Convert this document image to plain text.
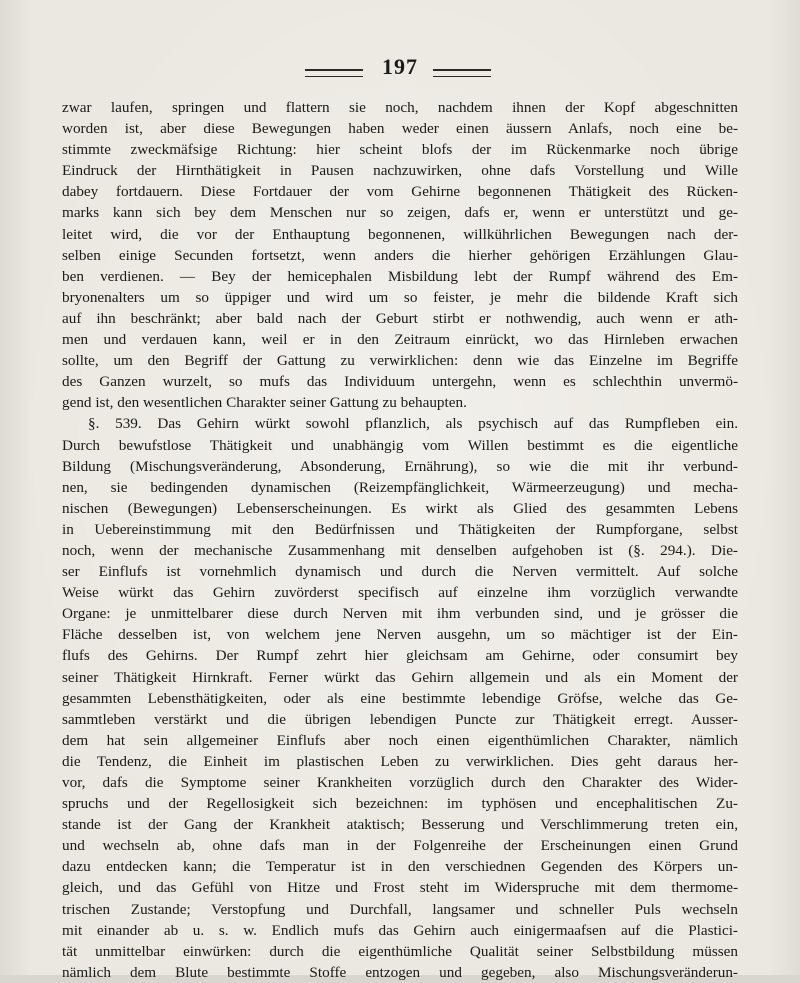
197
zwar laufen, springen und flattern sie noch, nachdem ihnen der Kopf abgeschnitten
worden ist, aber diese Bewegungen haben weder einen äussern Anlafs, noch eine be-
stimmte zweckmäfsige Richtung: hier scheint blofs der im Rückenmarke noch übrige
Eindruck der Hirnthätigkeit in Pausen nachzuwirken, ohne dafs Vorstellung und Wille
dabey fortdauern. Diese Fortdauer der vom Gehirne begonnenen Thätigkeit des Rücken-
marks kann sich bey dem Menschen nur so zeigen, dafs er, wenn er unterstützt und ge-
leitet wird, die vor der Enthauptung begonnenen, willkührlichen Bewegungen nach der-
selben einige Secunden fortsetzt, wenn anders die hierher gehörigen Erzählungen Glau-
ben verdienen. — Bey der hemicephalen Misbildung lebt der Rumpf während des Em-
bryonenalters um so üppiger und wird um so feister, je mehr die bildende Kraft sich
auf ihn beschränkt; aber bald nach der Geburt stirbt er nothwendig, auch wenn er ath-
men und verdauen kann, weil er in den Zeitraum einrückt, wo das Hirnleben erwachen
sollte, um den Begriff der Gattung zu verwirklichen: denn wie das Einzelne im Begriffe
des Ganzen wurzelt, so mufs das Individuum untergehn, wenn es schlechthin unvermö-
gend ist, den wesentlichen Charakter seiner Gattung zu behaupten.
§. 539. Das Gehirn würkt sowohl pflanzlich, als psychisch auf das Rumpfleben ein.
Durch bewufstlose Thätigkeit und unabhängig vom Willen bestimmt es die eigentliche
Bildung (Mischungsveränderung, Absonderung, Ernährung), so wie die mit ihr verbund-
nen, sie bedingenden dynamischen (Reizempfänglichkeit, Wärmeerzeugung) und mecha-
nischen (Bewegungen) Lebenserscheinungen. Es wirkt als Glied des gesammten Lebens
in Uebereinstimmung mit den Bedürfnissen und Thätigkeiten der Rumpforgane, selbst
noch, wenn der mechanische Zusammenhang mit denselben aufgehoben ist (§. 294.). Die-
ser Einflufs ist vornehmlich dynamisch und durch die Nerven vermittelt. Auf solche
Weise würkt das Gehirn zuvörderst specifisch auf einzelne ihm vorzüglich verwandte
Organe: je unmittelbarer diese durch Nerven mit ihm verbunden sind, und je grösser die
Fläche desselben ist, von welchem jene Nerven ausgehn, um so mächtiger ist der Ein-
flufs des Gehirns. Der Rumpf zehrt hier gleichsam am Gehirne, oder consumirt bey
seiner Thätigkeit Hirnkraft. Ferner würkt das Gehirn allgemein und als ein Moment der
gesammten Lebensthätigkeiten, oder als eine bestimmte lebendige Gröfse, welche das Ge-
sammtleben verstärkt und die übrigen lebendigen Puncte zur Thätigkeit erregt. Ausser-
dem hat sein allgemeiner Einflufs aber noch einen eigenthümlichen Charakter, nämlich
die Tendenz, die Einheit im plastischen Leben zu verwirklichen. Dies geht daraus her-
vor, dafs die Symptome seiner Krankheiten vorzüglich durch den Charakter des Wider-
spruchs und der Regellosigkeit sich bezeichnen: im typhösen und encephalitischen Zu-
stande ist der Gang der Krankheit ataktisch; Besserung und Verschlimmerung treten ein,
und wechseln ab, ohne dafs man in der Folgenreihe der Erscheinungen einen Grund
dazu entdecken kann; die Temperatur ist in den verschiednen Gegenden des Körpers un-
gleich, und das Gefühl von Hitze und Frost steht im Widerspruche mit dem thermome-
trischen Zustande; Verstopfung und Durchfall, langsamer und schneller Puls wechseln
mit einander ab u. s. w. Endlich mufs das Gehirn auch einigermaafsen auf die Plastici-
tät unmittelbar einwürken: durch die eigenthümliche Qualität seiner Selbstbildung müssen
nämlich dem Blute bestimmte Stoffe entzogen und gegeben, also Mischungsveränderun-
